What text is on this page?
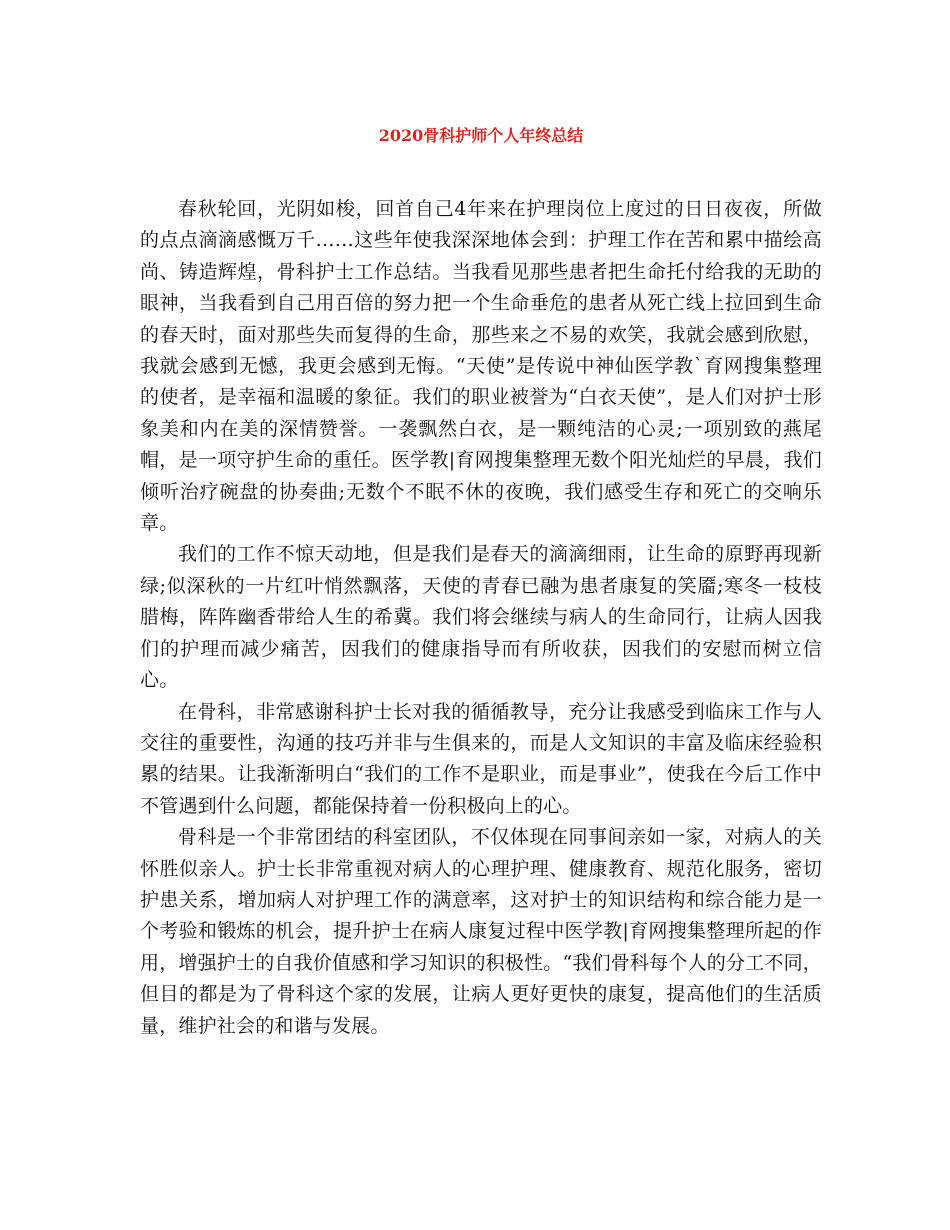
2020骨科护师个人年终总结

春秋轮回，光阴如梭，回首自己4年来在护理岗位上度过的日日夜夜，所做的点点滴滴感慨万千……这些年使我深深地体会到：护理工作在苦和累中描绘高尚、铸造辉煌，骨科护士工作总结。当我看见那些患者把生命托付给我的无助的眼神，当我看到自己用百倍的努力把一个生命垂危的患者从死亡线上拉回到生命的春天时，面对那些失而复得的生命，那些来之不易的欢笑，我就会感到欣慰，我就会感到无憾，我更会感到无悔。“天使”是传说中神仙医学教`育网搜集整理的使者，是幸福和温暖的象征。我们的职业被誉为“白衣天使”，是人们对护士形象美和内在美的深情赞誉。一袭飘然白衣，是一颗纯洁的心灵;一项别致的燕尾帽，是一项守护生命的重任。医学教|育网搜集整理无数个阳光灿烂的早晨，我们倾听治疗碗盘的协奏曲;无数个不眠不休的夜晚，我们感受生存和死亡的交响乐章。

我们的工作不惊天动地，但是我们是春天的滴滴细雨，让生命的原野再现新绿;似深秋的一片红叶悄然飘落，天使的青春已融为患者康复的笑靥;寒冬一枝枝腊梅，阵阵幽香带给人生的希冀。我们将会继续与病人的生命同行，让病人因我们的护理而减少痛苦，因我们的健康指导而有所收获，因我们的安慰而树立信心。

在骨科，非常感谢科护士长对我的循循教导，充分让我感受到临床工作与人交往的重要性，沟通的技巧并非与生俱来的，而是人文知识的丰富及临床经验积累的结果。让我渐渐明白“我们的工作不是职业，而是事业”，使我在今后工作中不管遇到什么问题，都能保持着一份积极向上的心。

骨科是一个非常团结的科室团队，不仅体现在同事间亲如一家，对病人的关怀胜似亲人。护士长非常重视对病人的心理护理、健康教育、规范化服务，密切护患关系，增加病人对护理工作的满意率，这对护士的知识结构和综合能力是一个考验和锻炼的机会，提升护士在病人康复过程中医学教|育网搜集整理所起的作用，增强护士的自我价值感和学习知识的积极性。“我们骨科每个人的分工不同，但目的都是为了骨科这个家的发展，让病人更好更快的康复，提高他们的生活质量，维护社会的和谐与发展。
